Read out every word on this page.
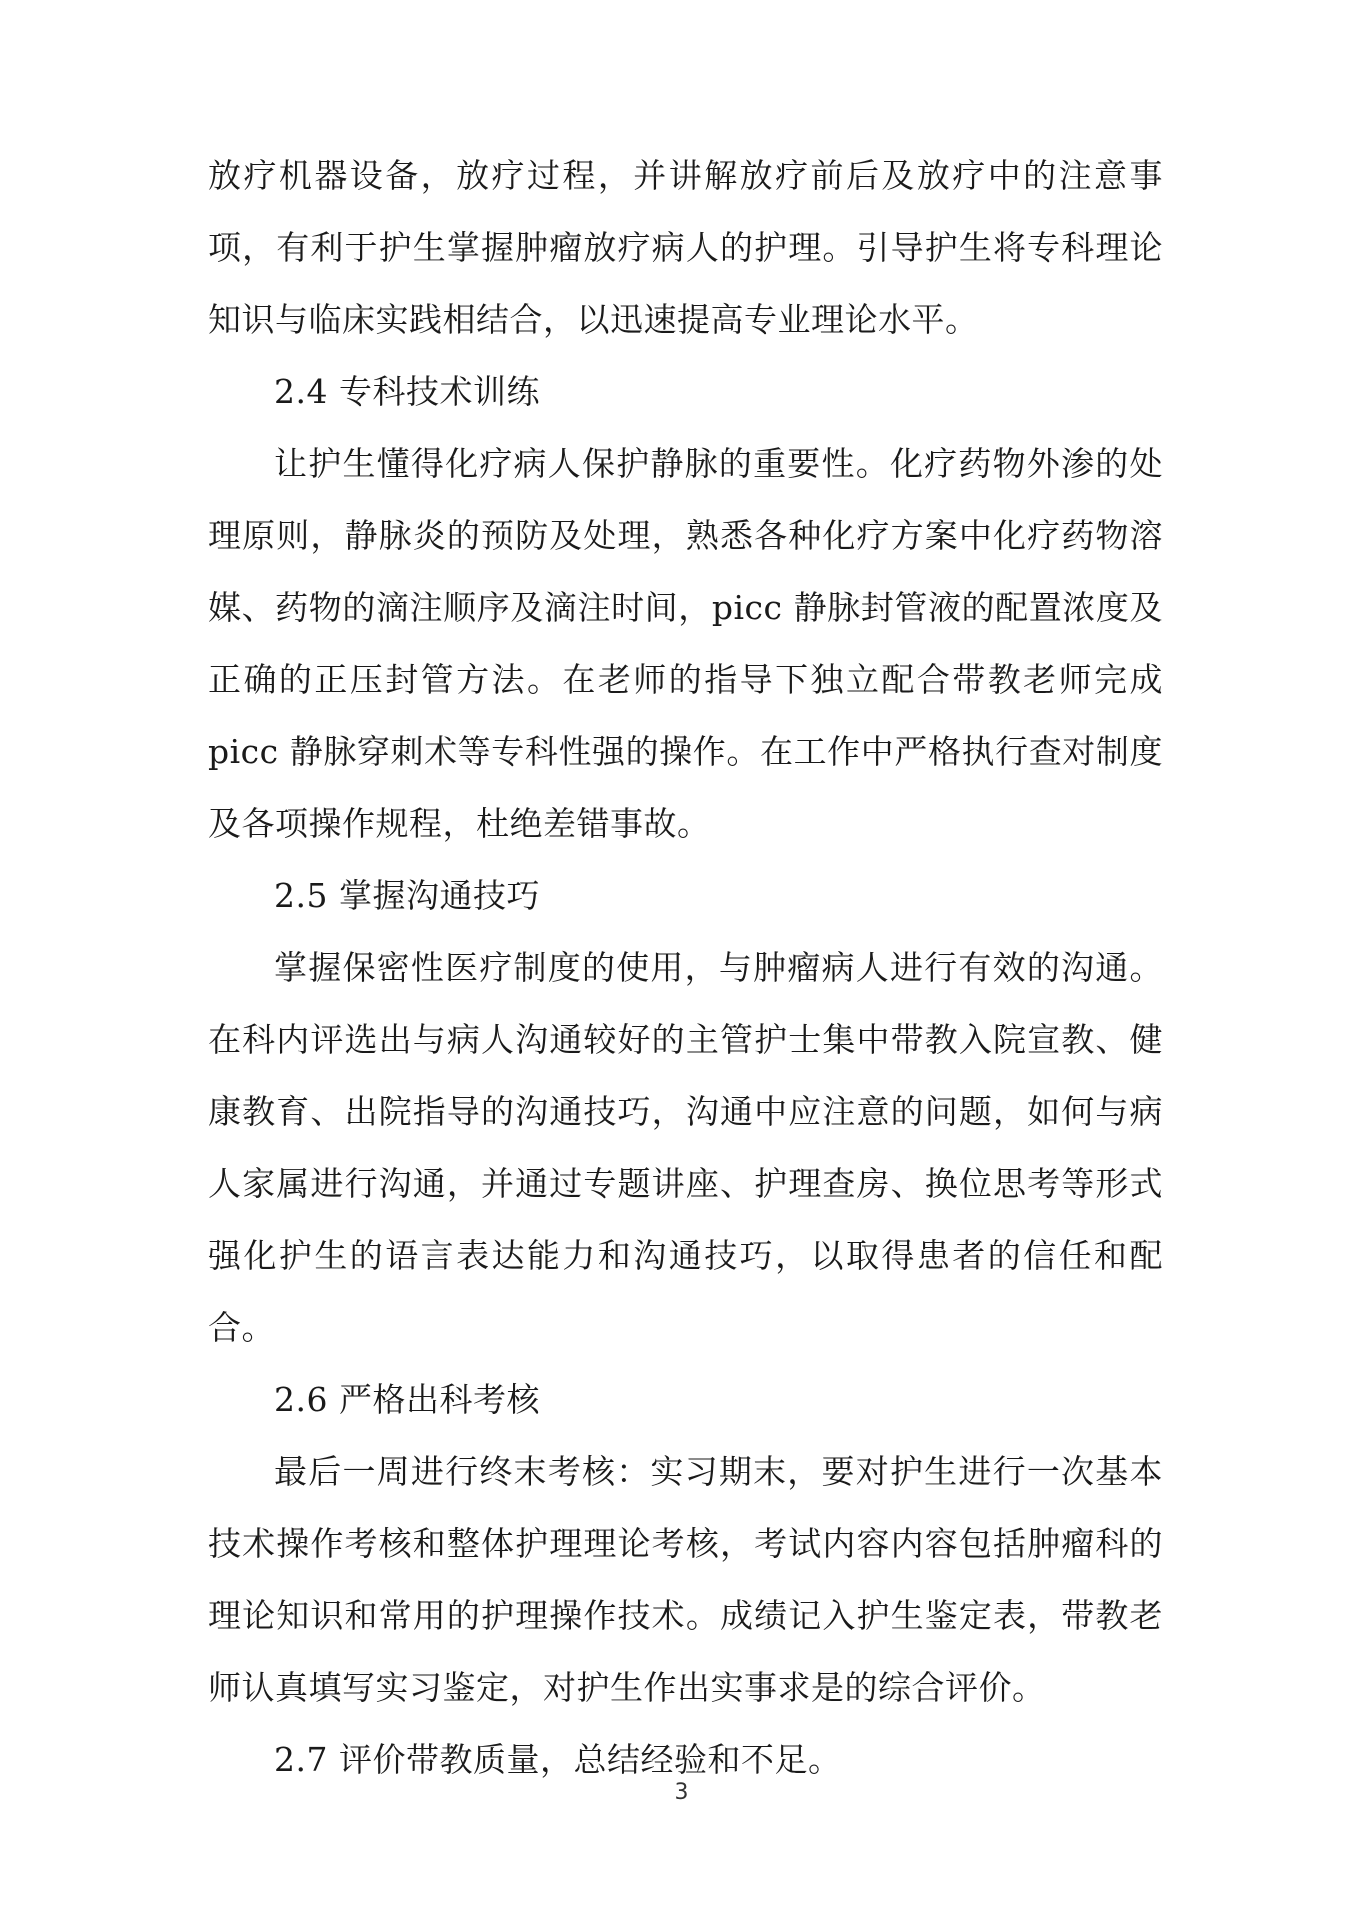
放疗机器设备，放疗过程，并讲解放疗前后及放疗中的注意事项，有利于护生掌握肿瘤放疗病人的护理。引导护生将专科理论知识与临床实践相结合，以迅速提高专业理论水平。

2.4 专科技术训练

让护生懂得化疗病人保护静脉的重要性。化疗药物外渗的处理原则，静脉炎的预防及处理，熟悉各种化疗方案中化疗药物溶媒、药物的滴注顺序及滴注时间，picc 静脉封管液的配置浓度及正确的正压封管方法。在老师的指导下独立配合带教老师完成 picc 静脉穿刺术等专科性强的操作。在工作中严格执行查对制度及各项操作规程，杜绝差错事故。

2.5 掌握沟通技巧

掌握保密性医疗制度的使用，与肿瘤病人进行有效的沟通。在科内评选出与病人沟通较好的主管护士集中带教入院宣教、健康教育、出院指导的沟通技巧，沟通中应注意的问题，如何与病人家属进行沟通，并通过专题讲座、护理查房、换位思考等形式强化护生的语言表达能力和沟通技巧，以取得患者的信任和配合。

2.6 严格出科考核

最后一周进行终末考核：实习期末，要对护生进行一次基本技术操作考核和整体护理理论考核，考试内容内容包括肿瘤科的理论知识和常用的护理操作技术。成绩记入护生鉴定表，带教老师认真填写实习鉴定，对护生作出实事求是的综合评价。

2.7 评价带教质量，总结经验和不足。

3
